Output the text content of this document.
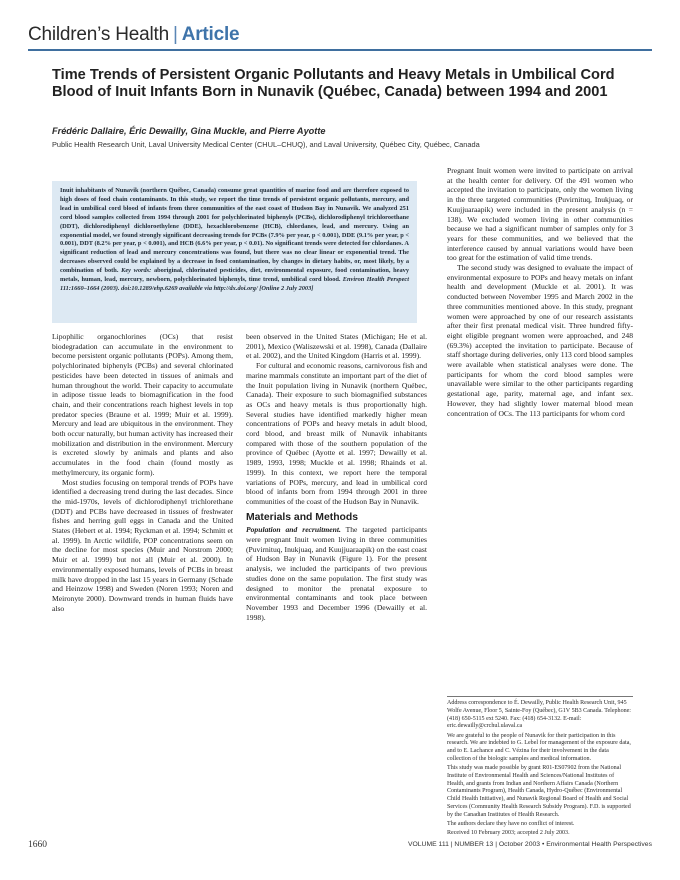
Children’s Health | Article
Time Trends of Persistent Organic Pollutants and Heavy Metals in Umbilical Cord Blood of Inuit Infants Born in Nunavik (Québec, Canada) between 1994 and 2001
Frédéric Dallaire, Éric Dewailly, Gina Muckle, and Pierre Ayotte
Public Health Research Unit, Laval University Medical Center (CHUL–CHUQ), and Laval University, Québec City, Québec, Canada
Inuit inhabitants of Nunavik (northern Québec, Canada) consume great quantities of marine food and are therefore exposed to high doses of food chain contaminants. In this study, we report the time trends of persistent organic pollutants, mercury, and lead in umbilical cord blood of infants from three communities of the east coast of Hudson Bay in Nunavik. We analyzed 251 cord blood samples collected from 1994 through 2001 for polychlorinated biphenyls (PCBs), dichlorodiphenyl trichloroethane (DDT), dichlorodiphenyl dichloroethylene (DDE), hexachlorobenzene (HCB), chlordanes, lead, and mercury. Using an exponential model, we found strongly significant decreasing trends for PCBs (7.9% per year, p < 0.001), DDE (9.1% per year, p < 0.001), DDT (8.2% per year, p < 0.001), and HCB (6.6% per year, p < 0.01). No significant trends were detected for chlordanes. A significant reduction of lead and mercury concentrations was found, but there was no clear linear or exponential trend. The decreases observed could be explained by a decrease in food contamination, by changes in dietary habits, or, most likely, by a combination of both. Key words: aboriginal, chlorinated pesticides, diet, environmental exposure, food contamination, heavy metals, human, lead, mercury, newborn, polychlorinated biphenyls, time trend, umbilical cord blood. Environ Health Perspect 111:1660–1664 (2003). doi:10.1289/ehp.6269 available via http://dx.doi.org/ [Online 2 July 2003]

Lipophilic organochlorines (OCs) that resist biodegradation can accumulate in the environment to become persistent organic pollutants (POPs). Among them, polychlorinated biphenyls (PCBs) and several chlorinated pesticides have been detected in tissues of animals and human throughout the world. Their capacity to accumulate in adipose tissue leads to biomagnification in the food chain, and their concentrations reach highest levels in top predator species (Braune et al. 1999; Muir et al. 1999). Mercury and lead are ubiquitous in the environment. They both occur naturally, but human activity has increased their mobilization and distribution in the environment. Mercury is excreted slowly by animals and plants and also accumulates in the food chain (found mostly as methylmercury, its organic form).

Most studies focusing on temporal trends of POPs have identified a decreasing trend during the last decades. Since the mid-1970s, levels of dichlorodiphenyl trichlorethane (DDT) and PCBs have decreased in tissues of freshwater fishes and herring gull eggs in Canada and the United States (Hebert et al. 1994; Ryckman et al. 1994; Schmitt et al. 1999). In Arctic wildlife, POP concentrations seem on the decline for most species (Muir and Norstrom 2000; Muir et al. 1999) but not all (Muir et al. 2000). In environmentally exposed humans, levels of PCBs in breast milk have dropped in the last 15 years in Germany (Schade and Heinzow 1998) and Sweden (Noren 1993; Noren and Meironyte 2000). Downward trends in human fluids have also

been observed in the United States (Michigan; He et al. 2001), Mexico (Waliszewski et al. 1998), Canada (Dallaire et al. 2002), and the United Kingdom (Harris et al. 1999).

For cultural and economic reasons, carnivorous fish and marine mammals constitute an important part of the diet of the Inuit population living in Nunavik (northern Québec, Canada). Their exposure to such biomagnified substances as OCs and heavy metals is thus proportionally high. Several studies have identified markedly higher mean concentrations of POPs and heavy metals in adult blood, cord blood, and breast milk of Nunavik inhabitants compared with those of the southern population of the province of Québec (Ayotte et al. 1997; Dewailly et al. 1989, 1993, 1998; Muckle et al. 1998; Rhainds et al. 1999). In this context, we report here the temporal variations of POPs, mercury, and lead in umbilical cord blood of infants born from 1994 through 2001 in three communities of the coast of the Hudson Bay in Nunavik.

Materials and Methods

Population and recruitment. The targeted participants were pregnant Inuit women living in three communities (Puvirnituq, Inukjuaq, and Kuujjuaraapik) on the east coast of Hudson Bay in Nunavik (Figure 1). For the present analysis, we included the participants of two previous studies done on the same population. The first study was designed to monitor the prenatal exposure to environmental contaminants and took place between November 1993 and December 1996 (Dewailly et al. 1998).

Pregnant Inuit women were invited to participate on arrival at the health center for delivery. Of the 491 women who accepted the invitation to participate, only the women living in the three targeted communities (Puvirnituq, Inukjuaq, or Kuujjuaraapik) were included in the present analysis (n = 138). We excluded women living in other communities because we had a significant number of samples only for 3 years for these communities, and we believed that the interference caused by annual variations would have been too great for the estimation of valid time trends.

The second study was designed to evaluate the impact of environmental exposure to POPs and heavy metals on infant health and development (Muckle et al. 2001). It was conducted between November 1995 and March 2002 in the three communities mentioned above. In this study, pregnant women were approached by one of our research assistants after their first prenatal medical visit. Three hundred fifty-eight eligible pregnant women were approached, and 248 (69.3%) accepted the invitation to participate. Because of staff shortage during deliveries, only 113 cord blood samples were available when statistical analyses were done. The participants for whom the cord blood samples were unavailable were similar to the other participants regarding gestational age, parity, maternal age, and infant sex. However, they had slightly lower maternal blood mean concentration of OCs. The 113 participants for whom cord

Address correspondence to É. Dewailly, Public Health Research Unit, 945 Wolfe Avenue, Floor 5, Sainte-Foy (Québec), G1V 5B3 Canada. Telephone: (418) 650-5115 ext 5240. Fax: (418) 654-3132. E-mail: eric.dewailly@crchul.ulaval.ca

We are grateful to the people of Nunavik for their participation in this research. We are indebted to G. Lebel for management of the exposure data, and to E. Lachance and C. Vézina for their involvement in the data collection of the biologic samples and medical information.

This study was made possible by grant R01-ES07902 from the National Institute of Environmental Health and Sciences/National Institutes of Health, and grants from Indian and Northern Affairs Canada (Northern Contaminants Program), Health Canada, Hydro-Québec (Environmental Child Health Initiative), and Nunavik Regional Board of Health and Social Services (Community Health Research Subsidy Program). F.D. is supported by the Canadian Institutes of Health Research.

The authors declare they have no conflict of interest.

Received 10 February 2003; accepted 2 July 2003.

1660	VOLUME 111 | NUMBER 13 | October 2003 • Environmental Health Perspectives
